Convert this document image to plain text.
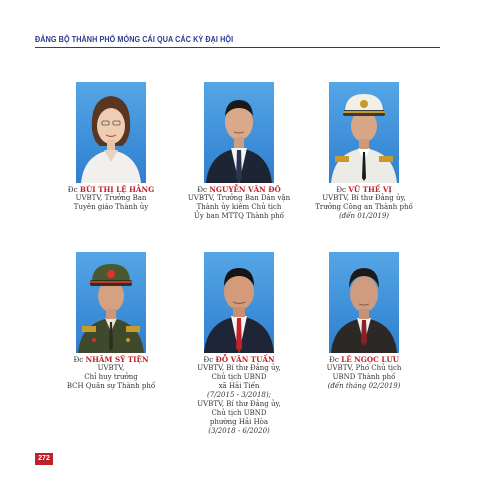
ĐẢNG BỘ THÀNH PHỐ MÓNG CÁI QUA CÁC KỲ ĐẠI HỘI
Đc BÙI THỊ LỆ HẰNG
UVBTV, Trưởng Ban
Tuyên giáo Thành ủy
Đc NGUYỄN VĂN ĐÔ
UVBTV, Trưởng Ban Dân vận
Thành ủy kiêm Chủ tịch
Ủy ban MTTQ Thành phố
Đc VŨ THẾ VỊ
UVBTV, Bí thư Đảng ủy,
Trưởng Công an Thành phố
(đến 01/2019)
Đc NHÂM SỸ TIỆN
UVBTV,
Chỉ huy trưởng
BCH Quân sự Thành phố
Đc ĐỖ VĂN TUẤN
UVBTV, Bí thư Đảng ủy,
Chủ tịch UBND
xã Hải Tiến
(7/2015 - 3/2018);
UVBTV, Bí thư Đảng ủy,
Chủ tịch UBND
phường Hải Hòa
(3/2018 - 6/2020)
Đc LÊ NGỌC LƯU
UVBTV, Phó Chủ tịch
UBND Thành phố
(đến tháng 02/2019)
272
